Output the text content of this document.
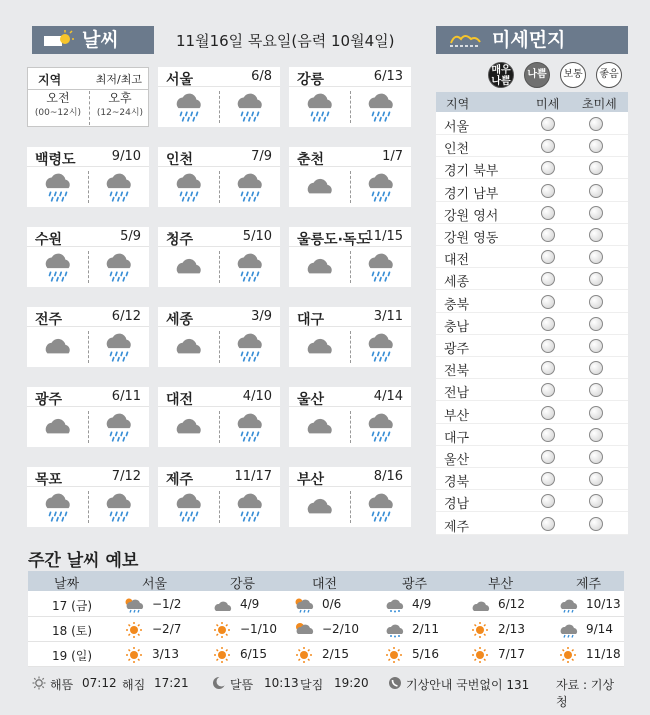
날씨	11월16일 목요일(음력 10월4일)	미세먼지
지역	최저/최고
오전
(00~12시)
오후
(12~24시)
서울	6/8 강릉	6/13
백령도	9/10 인천	7/9 춘천	1/7
수원	5/9 청주	5/10 울릉도·독도
11/15
전주	6/12 세종	3/9 대구	3/11
광주	6/11 대전	4/10 울산	4/14
목포	7/12 제주	11/17 부산	8/16
매우 나쁨
나쁨	보통	좋음
지역	미세 초미세
서울
인천
경기 북부
경기 남부
강원 영서
강원 영동
대전
세종
충북
충남
광주
전북
전남
부산
대구
울산
경북
경남
제주
주간 날씨 예보
날짜	서울	강릉	대전	광주	부산	제주
17 (금)	−1/2	4/9	0/6	4/9	6/12	10/13
18 (토)	−2/7	−1/10	−2/10	2/11	2/13	9/14
19 (일)	3/13	6/15	2/15	5/16	7/17	11/18
해뜸 07:12 해짐 17:21	달뜸 10:13 달짐 19:20	기상안내 국번없이 131 자료 : 기상청
